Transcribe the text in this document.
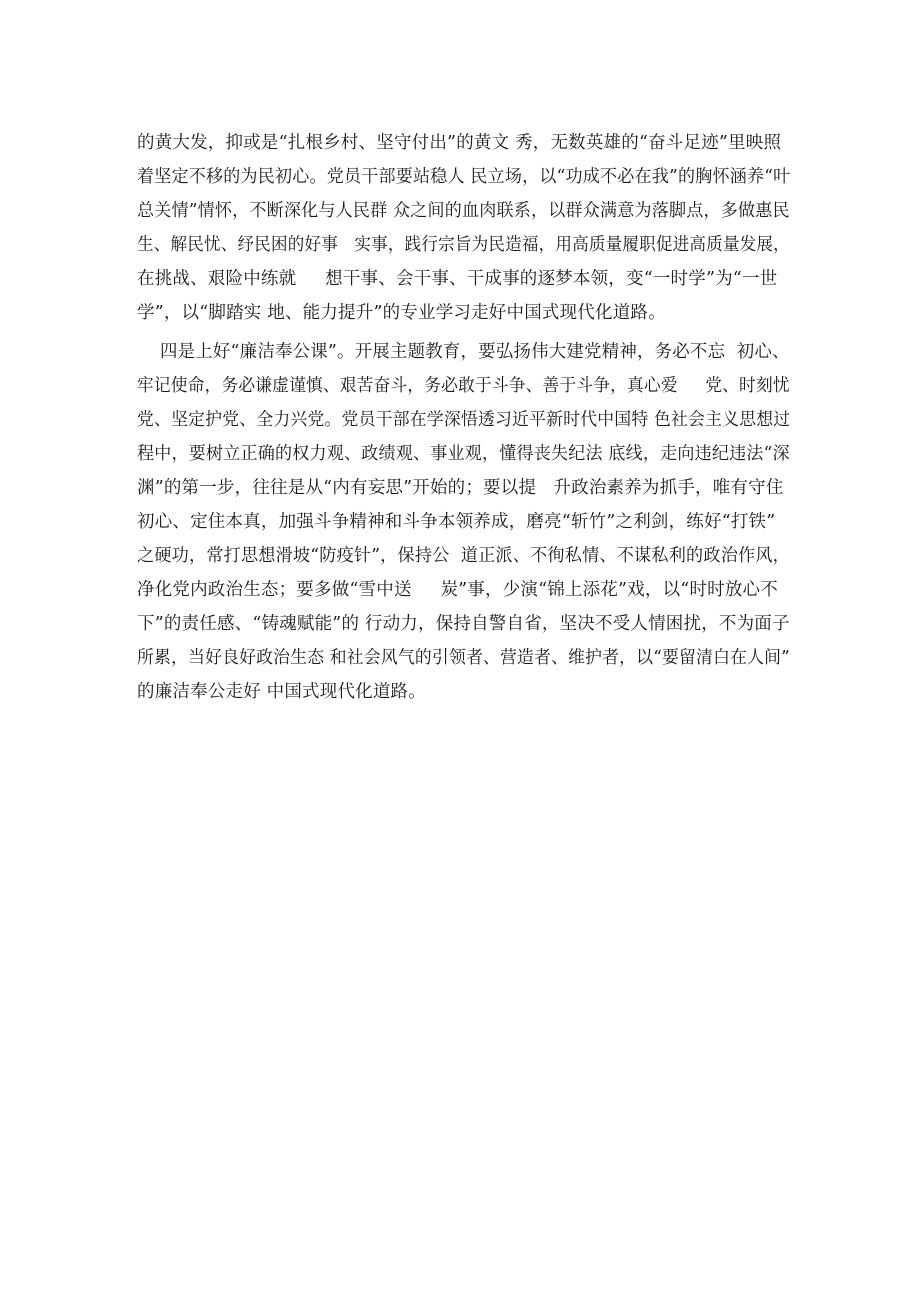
的黄大发，抑或是“扎根乡村、坚守付出”的黄文 秀，无数英雄的“奋斗足迹”里映照
着坚定不移的为民初心。党员干部要站稳人 民立场，以“功成不必在我”的胸怀涵养“叶
总关情”情怀，不断深化与人民群 众之间的血肉联系，以群众满意为落脚点，多做惠民
生、解民忧、纾民困的好事   实事，践行宗旨为民造福，用高质量履职促进高质量发展，
在挑战、艰险中练就     想干事、会干事、干成事的逐梦本领，变“一时学”为“一世
学”，以“脚踏实 地、能力提升”的专业学习走好中国式现代化道路。
四是上好“廉洁奉公课”。开展主题教育，要弘扬伟大建党精神，务必不忘  初心、
牢记使命，务必谦虚谨慎、艰苦奋斗，务必敢于斗争、善于斗争，真心爱     党、时刻忧
党、坚定护党、全力兴党。党员干部在学深悟透习近平新时代中国特 色社会主义思想过
程中，要树立正确的权力观、政绩观、事业观，懂得丧失纪法 底线，走向违纪违法“深
渊”的第一步，往往是从“内有妄思”开始的；要以提   升政治素养为抓手，唯有守住
初心、定住本真，加强斗争精神和斗争本领养成，磨亮“斩竹”之利剑，练好“打铁”
之硬功，常打思想滑坡“防疫针”，保持公  道正派、不徇私情、不谋私利的政治作风，
净化党内政治生态；要多做“雪中送     炭”事，少演“锦上添花”戏，以“时时放心不
下”的责任感、“铸魂赋能”的 行动力，保持自警自省，坚决不受人情困扰，不为面子
所累，当好良好政治生态 和社会风气的引领者、营造者、维护者，以“要留清白在人间”
的廉洁奉公走好 中国式现代化道路。
